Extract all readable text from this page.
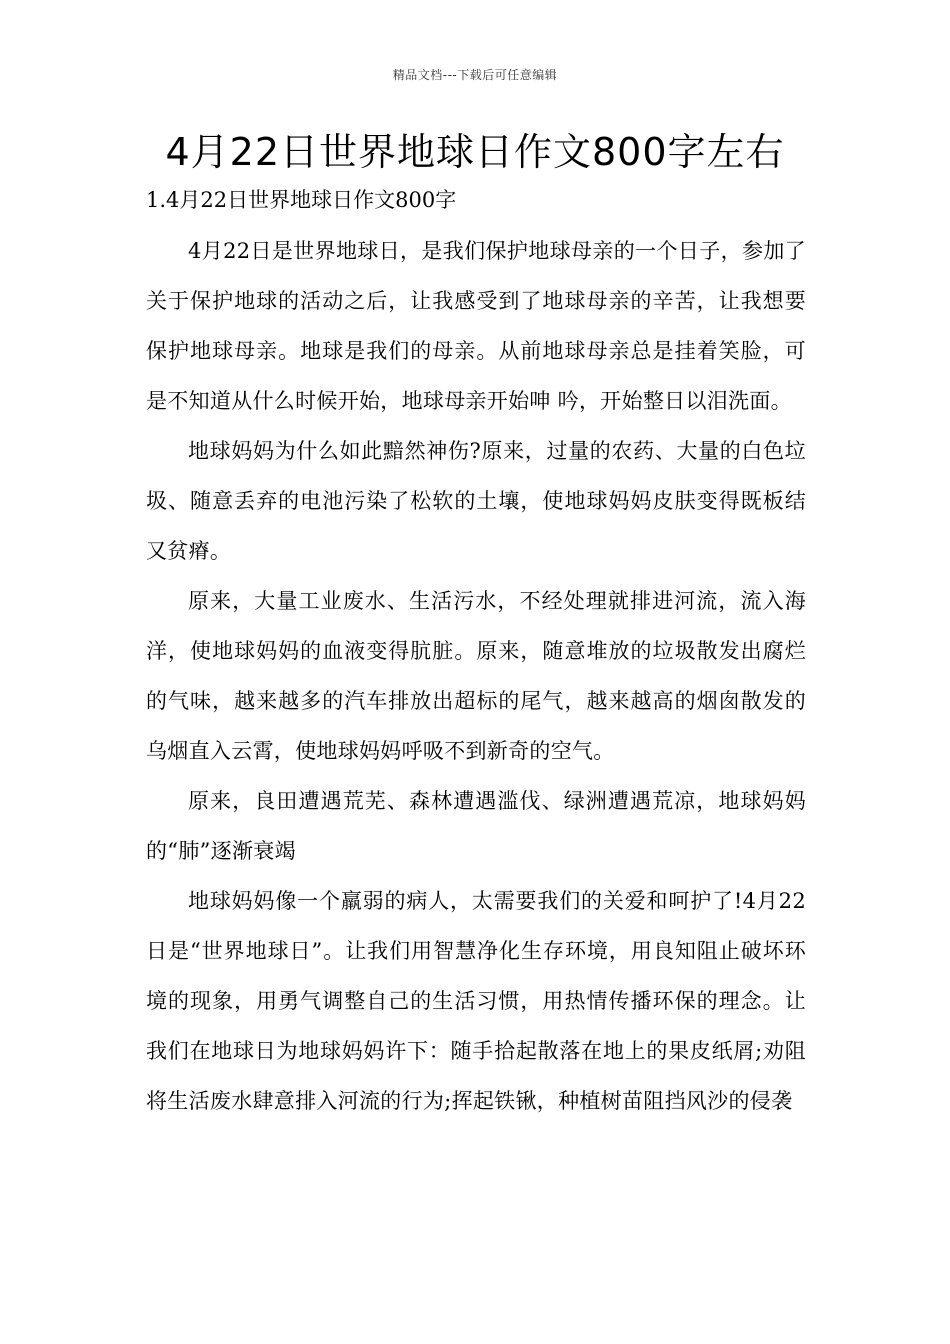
精品文档---下载后可任意编辑
4月22日世界地球日作文800字左右
1.4月22日世界地球日作文800字

4月22日是世界地球日，是我们保护地球母亲的一个日子，参加了关于保护地球的活动之后，让我感受到了地球母亲的辛苦，让我想要保护地球母亲。地球是我们的母亲。从前地球母亲总是挂着笑脸，可是不知道从什么时候开始，地球母亲开始呻 吟，开始整日以泪洗面。

地球妈妈为什么如此黯然神伤?原来，过量的农药、大量的白色垃圾、随意丢弃的电池污染了松软的土壤，使地球妈妈皮肤变得既板结又贫瘠。

原来，大量工业废水、生活污水，不经处理就排进河流，流入海洋，使地球妈妈的血液变得肮脏。原来，随意堆放的垃圾散发出腐烂的气味，越来越多的汽车排放出超标的尾气，越来越高的烟囱散发的乌烟直入云霄，使地球妈妈呼吸不到新奇的空气。

原来，良田遭遇荒芜、森林遭遇滥伐、绿洲遭遇荒凉，地球妈妈的“肺”逐渐衰竭

地球妈妈像一个羸弱的病人，太需要我们的关爱和呵护了!4月22日是“世界地球日”。让我们用智慧净化生存环境，用良知阻止破坏环境的现象，用勇气调整自己的生活习惯，用热情传播环保的理念。让我们在地球日为地球妈妈许下：随手拾起散落在地上的果皮纸屑;劝阻将生活废水肆意排入河流的行为;挥起铁锹，种植树苗阻挡风沙的侵袭
